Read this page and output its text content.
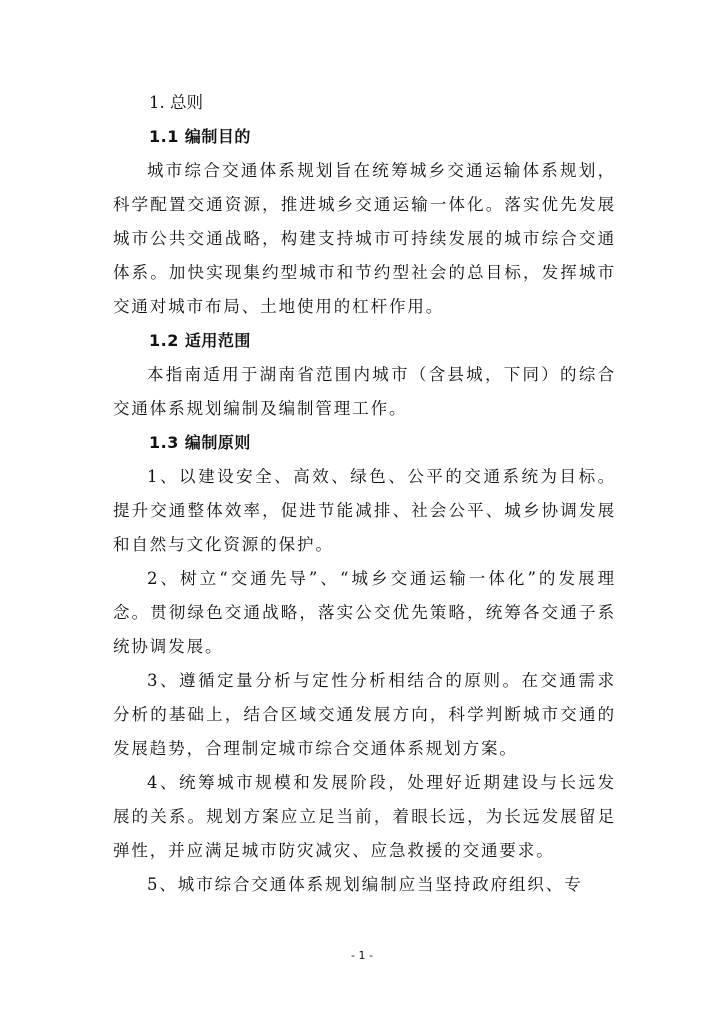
1. 总则
1.1 编制目的

城市综合交通体系规划旨在统筹城乡交通运输体系规划，科学配置交通资源，推进城乡交通运输一体化。落实优先发展城市公共交通战略，构建支持城市可持续发展的城市综合交通体系。加快实现集约型城市和节约型社会的总目标，发挥城市交通对城市布局、土地使用的杠杆作用。

1.2 适用范围

本指南适用于湖南省范围内城市（含县城，下同）的综合交通体系规划编制及编制管理工作。

1.3 编制原则

1、以建设安全、高效、绿色、公平的交通系统为目标。提升交通整体效率，促进节能减排、社会公平、城乡协调发展和自然与文化资源的保护。

2、树立“交通先导”、“城乡交通运输一体化”的发展理念。贯彻绿色交通战略，落实公交优先策略，统筹各交通子系统协调发展。

3、遵循定量分析与定性分析相结合的原则。在交通需求分析的基础上，结合区域交通发展方向，科学判断城市交通的发展趋势，合理制定城市综合交通体系规划方案。

4、统筹城市规模和发展阶段，处理好近期建设与长远发展的关系。规划方案应立足当前，着眼长远，为长远发展留足弹性，并应满足城市防灾减灾、应急救援的交通要求。

5、城市综合交通体系规划编制应当坚持政府组织、专

- 1 -
